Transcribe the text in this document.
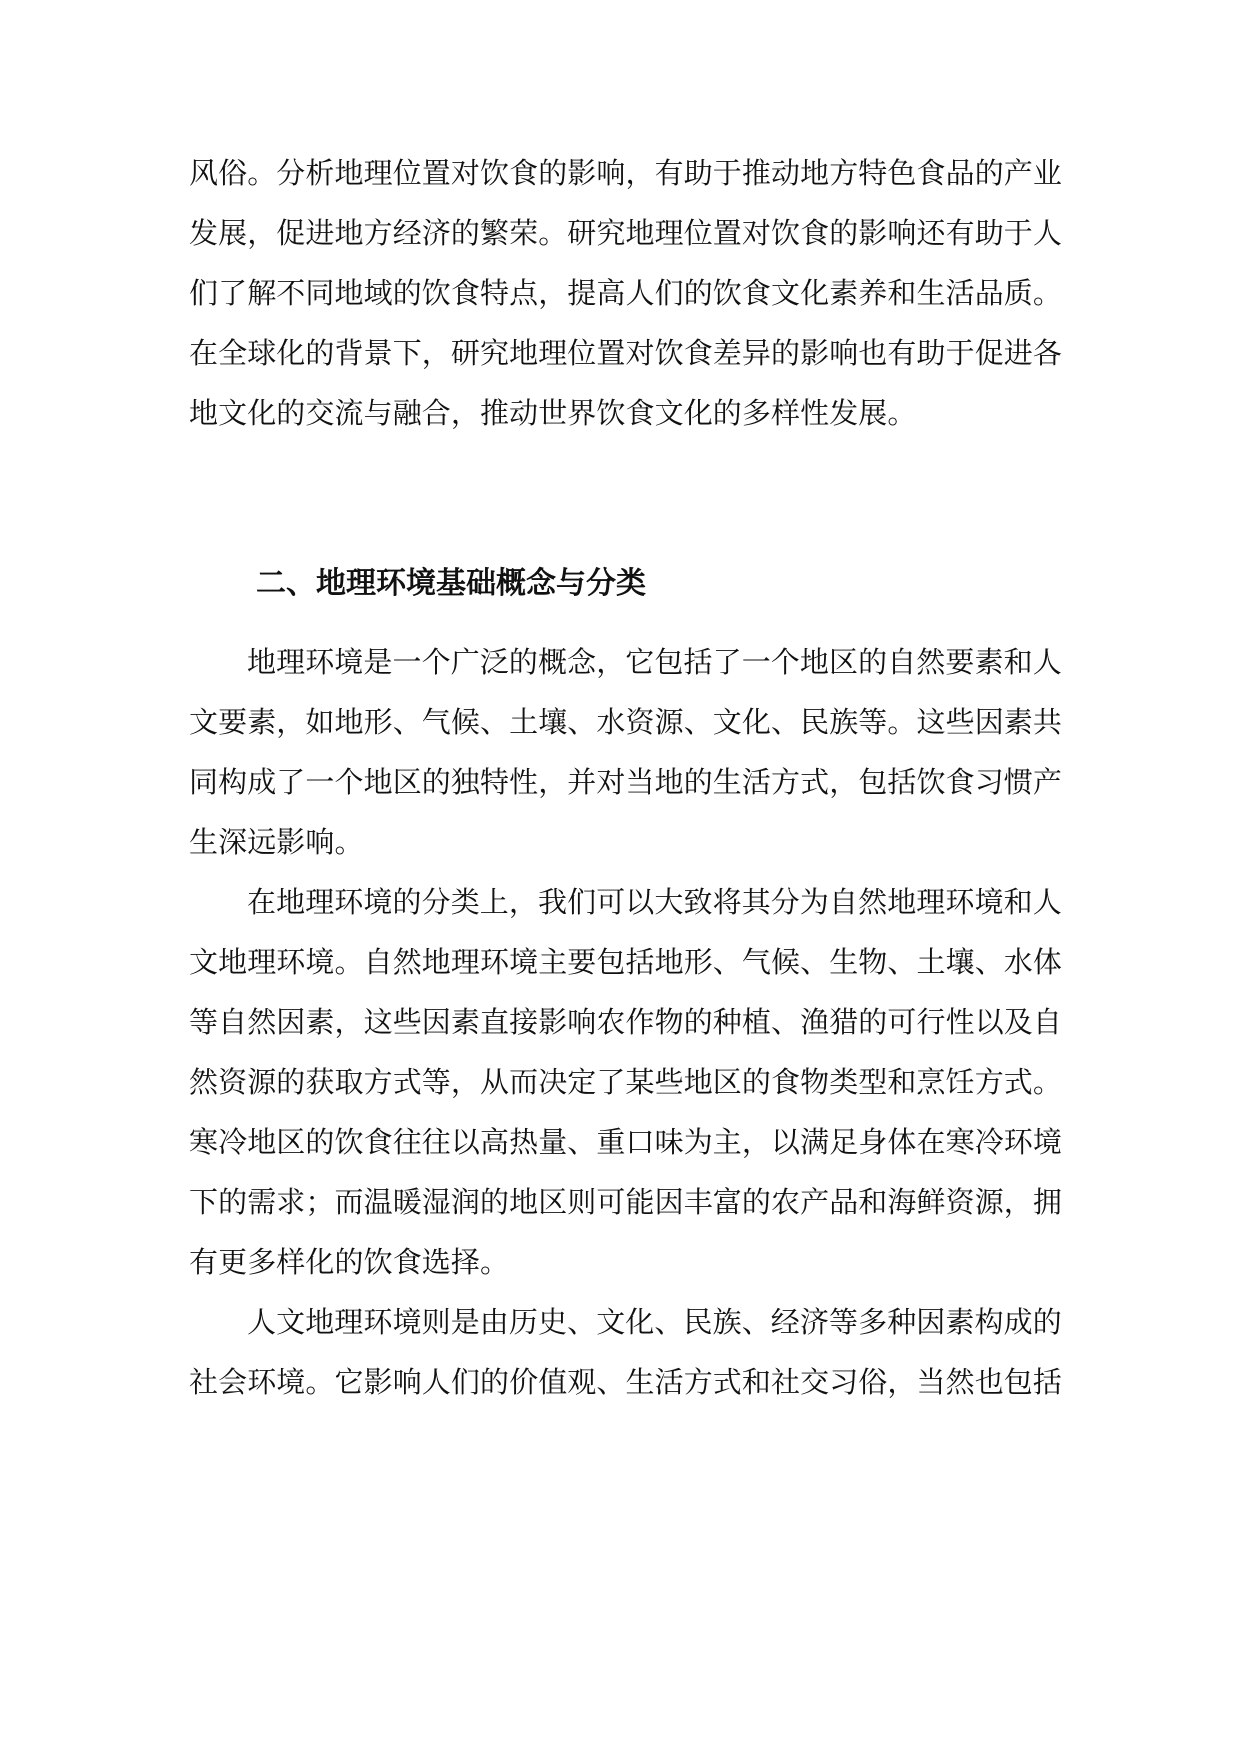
风俗。分析地理位置对饮食的影响，有助于推动地方特色食品的产业
发展，促进地方经济的繁荣。研究地理位置对饮食的影响还有助于人
们了解不同地域的饮食特点，提高人们的饮食文化素养和生活品质。
在全球化的背景下，研究地理位置对饮食差异的影响也有助于促进各
地文化的交流与融合，推动世界饮食文化的多样性发展。

二、地理环境基础概念与分类

地理环境是一个广泛的概念，它包括了一个地区的自然要素和人
文要素，如地形、气候、土壤、水资源、文化、民族等。这些因素共
同构成了一个地区的独特性，并对当地的生活方式，包括饮食习惯产
生深远影响。

在地理环境的分类上，我们可以大致将其分为自然地理环境和人
文地理环境。自然地理环境主要包括地形、气候、生物、土壤、水体
等自然因素，这些因素直接影响农作物的种植、渔猎的可行性以及自
然资源的获取方式等，从而决定了某些地区的食物类型和烹饪方式。
寒冷地区的饮食往往以高热量、重口味为主，以满足身体在寒冷环境
下的需求；而温暖湿润的地区则可能因丰富的农产品和海鲜资源，拥
有更多样化的饮食选择。

人文地理环境则是由历史、文化、民族、经济等多种因素构成的
社会环境。它影响人们的价值观、生活方式和社交习俗，当然也包括
